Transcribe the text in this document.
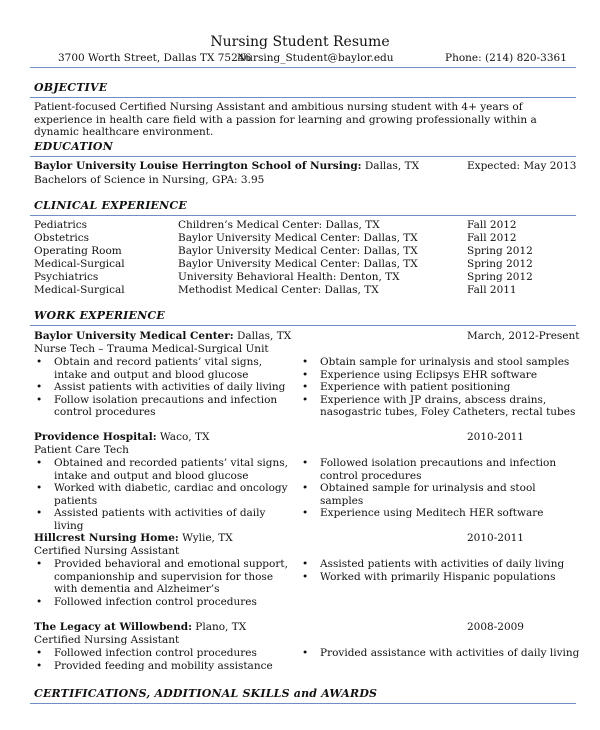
Nursing Student Resume
3700 Worth Street, Dallas TX 75246
Nursing_Student@baylor.edu	Phone: (214) 820-3361
OBJECTIVE
Patient-focused Certified Nursing Assistant and ambitious nursing student with 4+ years of experience in health care field with a passion for learning and growing professionally within a dynamic healthcare environment.
EDUCATION
Baylor University Louise Herrington School of Nursing: Dallas, TX	Expected: May 2013
Bachelors of Science in Nursing, GPA: 3.95
CLINICAL EXPERIENCE
Pediatrics	Children’s Medical Center: Dallas, TX	Fall 2012
Obstetrics	Baylor University Medical Center: Dallas, TX	Fall 2012
Operating Room	Baylor University Medical Center: Dallas, TX	Spring 2012
Medical-Surgical	Baylor University Medical Center: Dallas, TX	Spring 2012
Psychiatrics	University Behavioral Health: Denton, TX	Spring 2012
Medical-Surgical	Methodist Medical Center: Dallas, TX	Fall 2011
WORK EXPERIENCE
Baylor University Medical Center: Dallas, TX	March, 2012-Present
Nurse Tech – Trauma Medical-Surgical Unit
• Obtain and record patients’ vital signs, intake and output and blood glucose
• Assist patients with activities of daily living
• Follow isolation precautions and infection control procedures
• Obtain sample for urinalysis and stool samples
• Experience using Eclipsys EHR software
• Experience with patient positioning
• Experience with JP drains, abscess drains, nasogastric tubes, Foley Catheters, rectal tubes
Providence Hospital: Waco, TX	2010-2011
Patient Care Tech
• Obtained and recorded patients’ vital signs, intake and output and blood glucose
• Worked with diabetic, cardiac and oncology patients
• Assisted patients with activities of daily living
• Followed isolation precautions and infection control procedures
• Obtained sample for urinalysis and stool samples
• Experience using Meditech HER software
Hillcrest Nursing Home: Wylie, TX	2010-2011
Certified Nursing Assistant
• Provided behavioral and emotional support, companionship and supervision for those with dementia and Alzheimer’s
• Followed infection control procedures
• Assisted patients with activities of daily living
• Worked with primarily Hispanic populations
The Legacy at Willowbend: Plano, TX	2008-2009
Certified Nursing Assistant
• Followed infection control procedures
• Provided feeding and mobility assistance
• Provided assistance with activities of daily living
CERTIFICATIONS, ADDITIONAL SKILLS and AWARDS
